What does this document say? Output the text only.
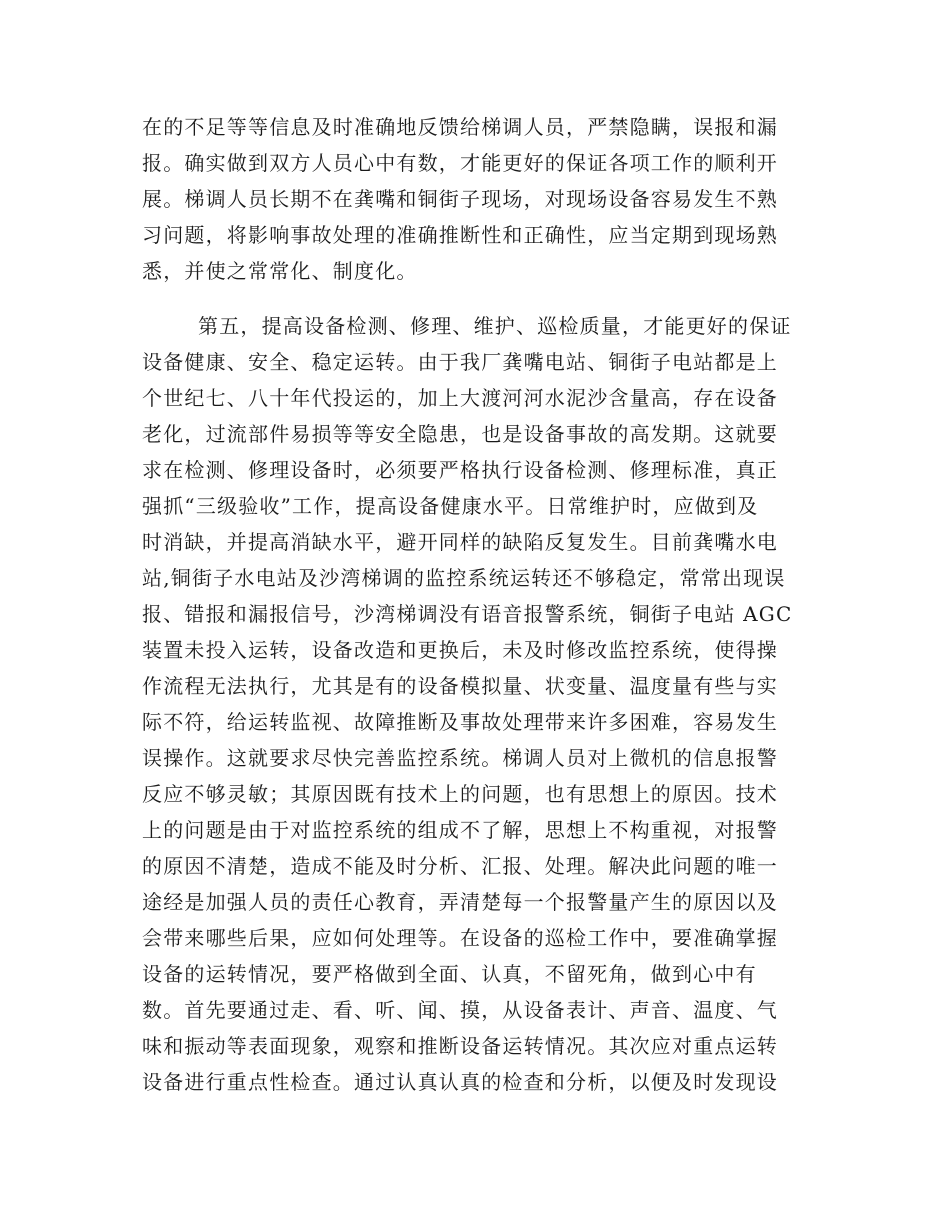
在的不足等等信息及时准确地反馈给梯调人员，严禁隐瞒，误报和漏
报。确实做到双方人员心中有数，才能更好的保证各项工作的顺利开
展。梯调人员长期不在龚嘴和铜街子现场，对现场设备容易发生不熟
习问题，将影响事故处理的准确推断性和正确性，应当定期到现场熟
悉，并使之常常化、制度化。
第五，提高设备检测、修理、维护、巡检质量，才能更好的保证
设备健康、安全、稳定运转。由于我厂龚嘴电站、铜街子电站都是上
个世纪七、八十年代投运的，加上大渡河河水泥沙含量高，存在设备
老化，过流部件易损等等安全隐患，也是设备事故的高发期。这就要
求在检测、修理设备时，必须要严格执行设备检测、修理标准，真正
强抓“三级验收”工作，提高设备健康水平。日常维护时，应做到及
时消缺，并提高消缺水平，避开同样的缺陷反复发生。目前龚嘴水电
站,铜街子水电站及沙湾梯调的监控系统运转还不够稳定，常常出现误
报、错报和漏报信号，沙湾梯调没有语音报警系统，铜街子电站 AGC
装置未投入运转，设备改造和更换后，未及时修改监控系统，使得操
作流程无法执行，尤其是有的设备模拟量、状变量、温度量有些与实
际不符，给运转监视、故障推断及事故处理带来许多困难，容易发生
误操作。这就要求尽快完善监控系统。梯调人员对上微机的信息报警
反应不够灵敏；其原因既有技术上的问题，也有思想上的原因。技术
上的问题是由于对监控系统的组成不了解，思想上不构重视，对报警
的原因不清楚，造成不能及时分析、汇报、处理。解决此问题的唯一
途经是加强人员的责任心教育，弄清楚每一个报警量产生的原因以及
会带来哪些后果，应如何处理等。在设备的巡检工作中，要准确掌握
设备的运转情况，要严格做到全面、认真，不留死角，做到心中有
数。首先要通过走、看、听、闻、摸，从设备表计、声音、温度、气
味和振动等表面现象，观察和推断设备运转情况。其次应对重点运转
设备进行重点性检查。通过认真认真的检查和分析，以便及时发现设
